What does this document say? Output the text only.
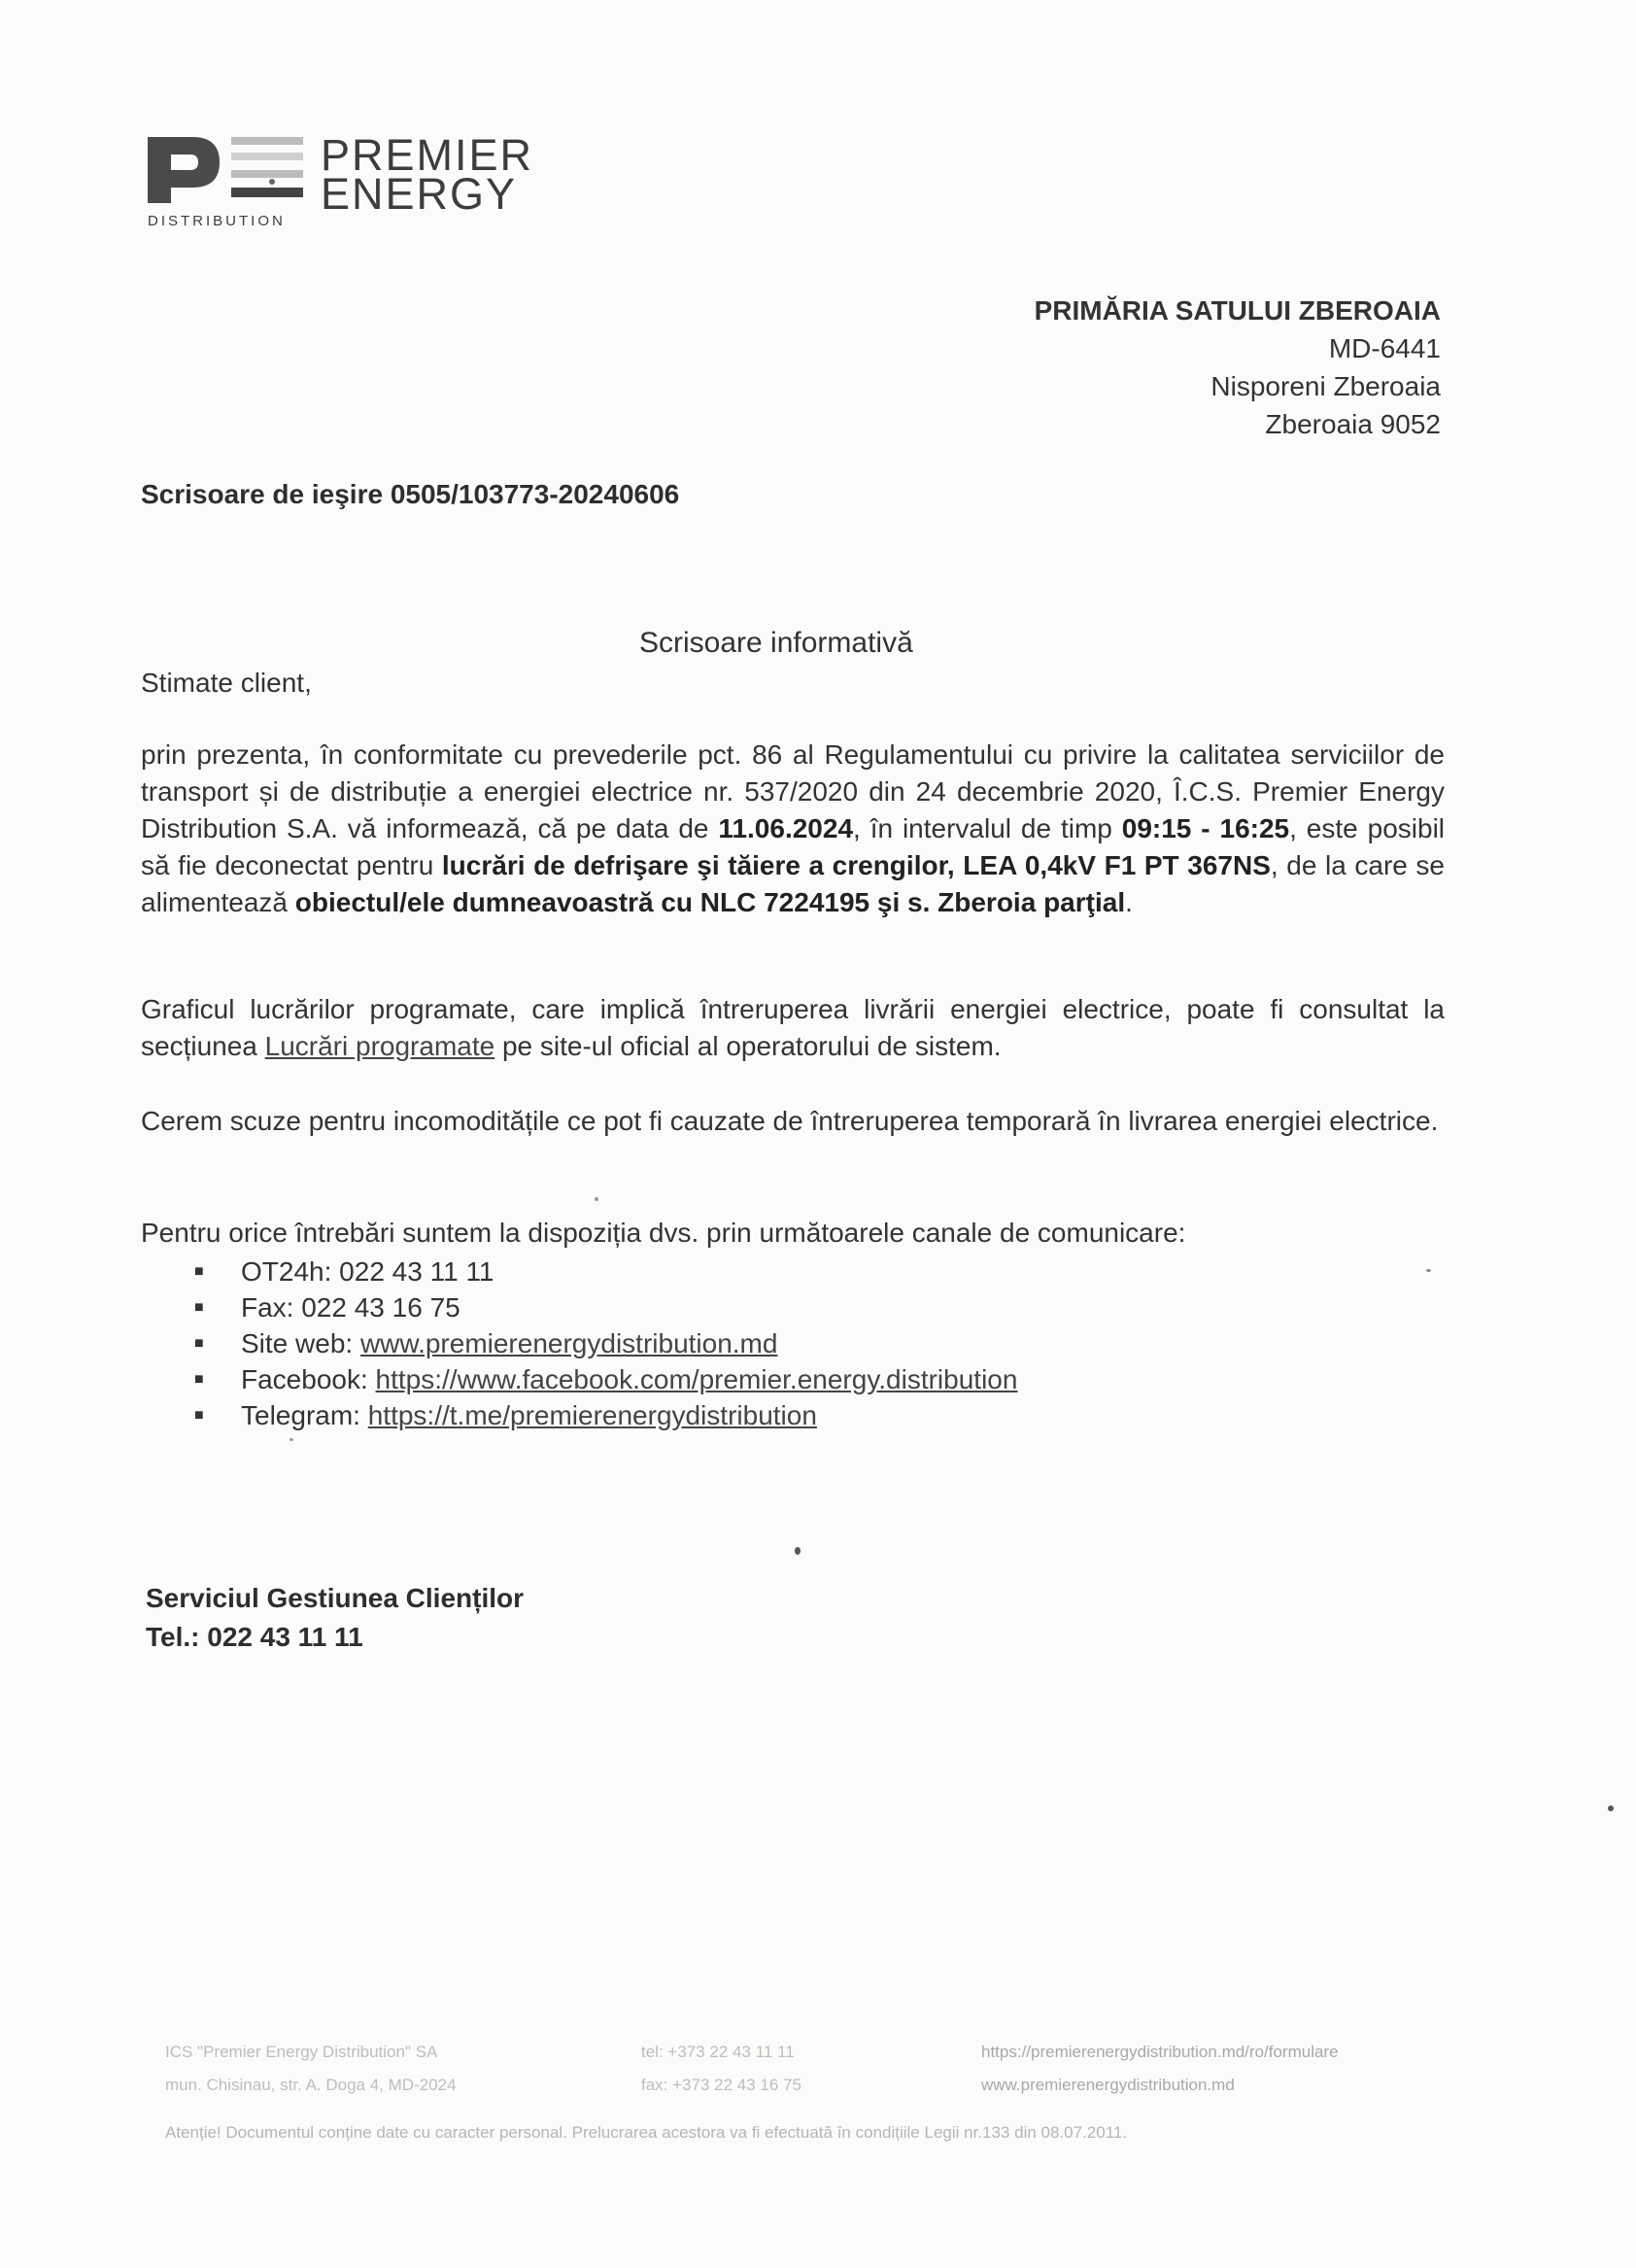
PREMIER
ENERGY
DISTRIBUTION
PRIMĂRIA SATULUI ZBEROAIA
MD-6441
Nisporeni Zberoaia
Zberoaia 9052
Scrisoare de ieşire 0505/103773-20240606
Scrisoare informativă
Stimate client,
prin prezenta, în conformitate cu prevederile pct. 86 al Regulamentului cu privire la calitatea serviciilor de transport și de distribuție a energiei electrice nr. 537/2020 din 24 decembrie 2020, Î.C.S. Premier Energy Distribution S.A. vă informează, că pe data de 11.06.2024, în intervalul de timp 09:15 - 16:25, este posibil să fie deconectat pentru lucrări de defrişare şi tăiere a crengilor, LEA 0,4kV F1 PT 367NS, de la care se alimentează obiectul/ele dumneavoastră cu NLC 7224195 şi s. Zberoia parţial.
Graficul lucrărilor programate, care implică întreruperea livrării energiei electrice, poate fi consultat la secțiunea Lucrări programate pe site-ul oficial al operatorului de sistem.
Cerem scuze pentru incomoditățile ce pot fi cauzate de întreruperea temporară în livrarea energiei electrice.
Pentru orice întrebări suntem la dispoziția dvs. prin următoarele canale de comunicare:
■ OT24h: 022 43 11 11
■ Fax: 022 43 16 75
■ Site web: www.premierenergydistribution.md
■ Facebook: https://www.facebook.com/premier.energy.distribution
■ Telegram: https://t.me/premierenergydistribution
Serviciul Gestiunea Clienților
Tel.: 022 43 11 11
ICS "Premier Energy Distribution" SA
mun. Chisinau, str. A. Doga 4, MD-2024
tel: +373 22 43 11 11
fax: +373 22 43 16 75
https://premierenergydistribution.md/ro/formulare
www.premierenergydistribution.md
Atenție! Documentul conține date cu caracter personal. Prelucrarea acestora va fi efectuată în condițiile Legii nr.133 din 08.07.2011.
